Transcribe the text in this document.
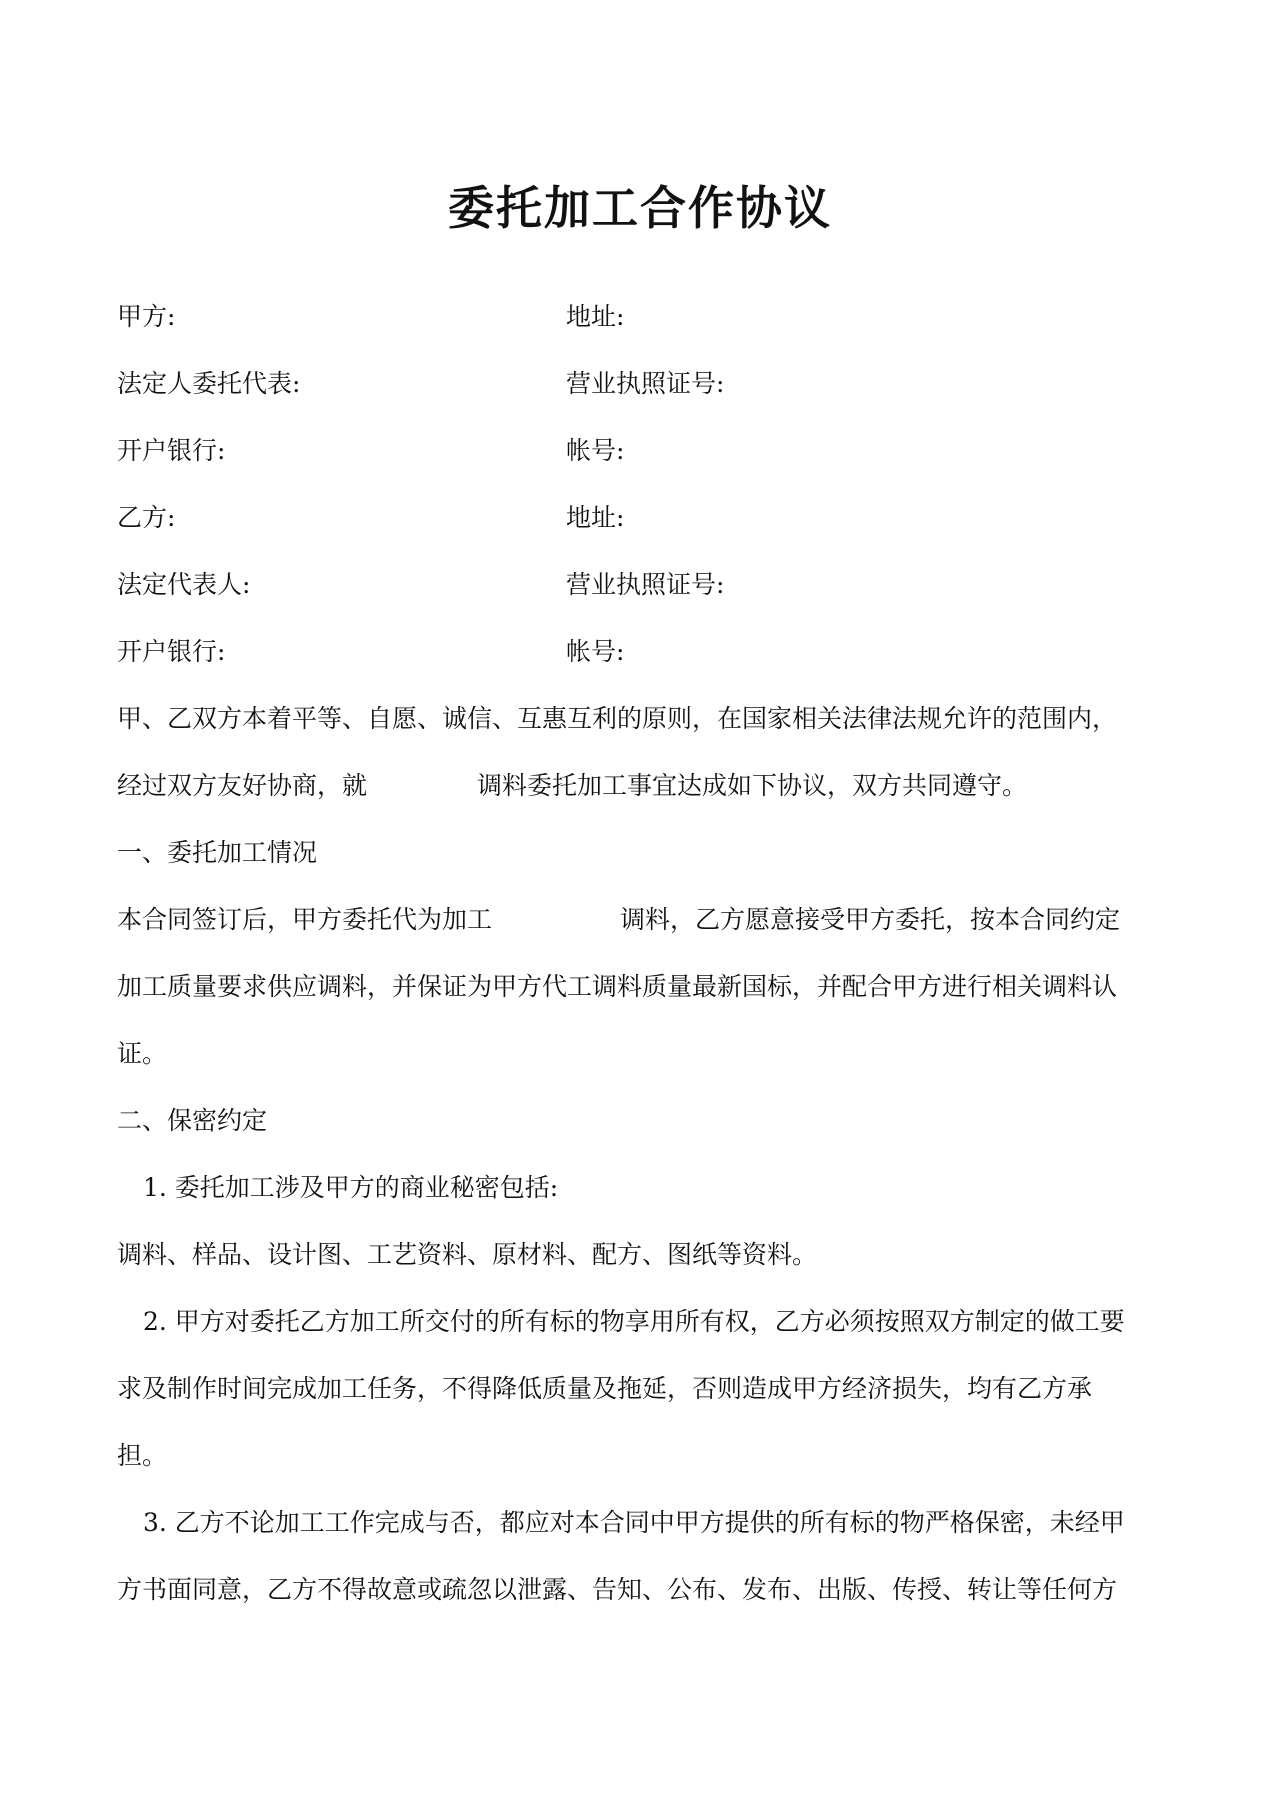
委托加工合作协议
甲方:	地址:
法定人委托代表:	营业执照证号:
开户银行:	帐号:
乙方:	地址:
法定代表人:	营业执照证号:
开户银行:	帐号:
甲、乙双方本着平等、自愿、诚信、互惠互利的原则，在国家相关法律法规允许的范围内，
经过双方友好协商，就	调料委托加工事宜达成如下协议，双方共同遵守。
一、委托加工情况
本合同签订后，甲方委托代为加工	调料，乙方愿意接受甲方委托，按本合同约定
加工质量要求供应调料，并保证为甲方代工调料质量最新国标，并配合甲方进行相关调料认
证。
二、保密约定
1. 委托加工涉及甲方的商业秘密包括:
调料、样品、设计图、工艺资料、原材料、配方、图纸等资料。
2. 甲方对委托乙方加工所交付的所有标的物享用所有权，乙方必须按照双方制定的做工要
求及制作时间完成加工任务，不得降低质量及拖延，否则造成甲方经济损失，均有乙方承
担。
3. 乙方不论加工工作完成与否，都应对本合同中甲方提供的所有标的物严格保密，未经甲
方书面同意，乙方不得故意或疏忽以泄露、告知、公布、发布、出版、传授、转让等任何方
